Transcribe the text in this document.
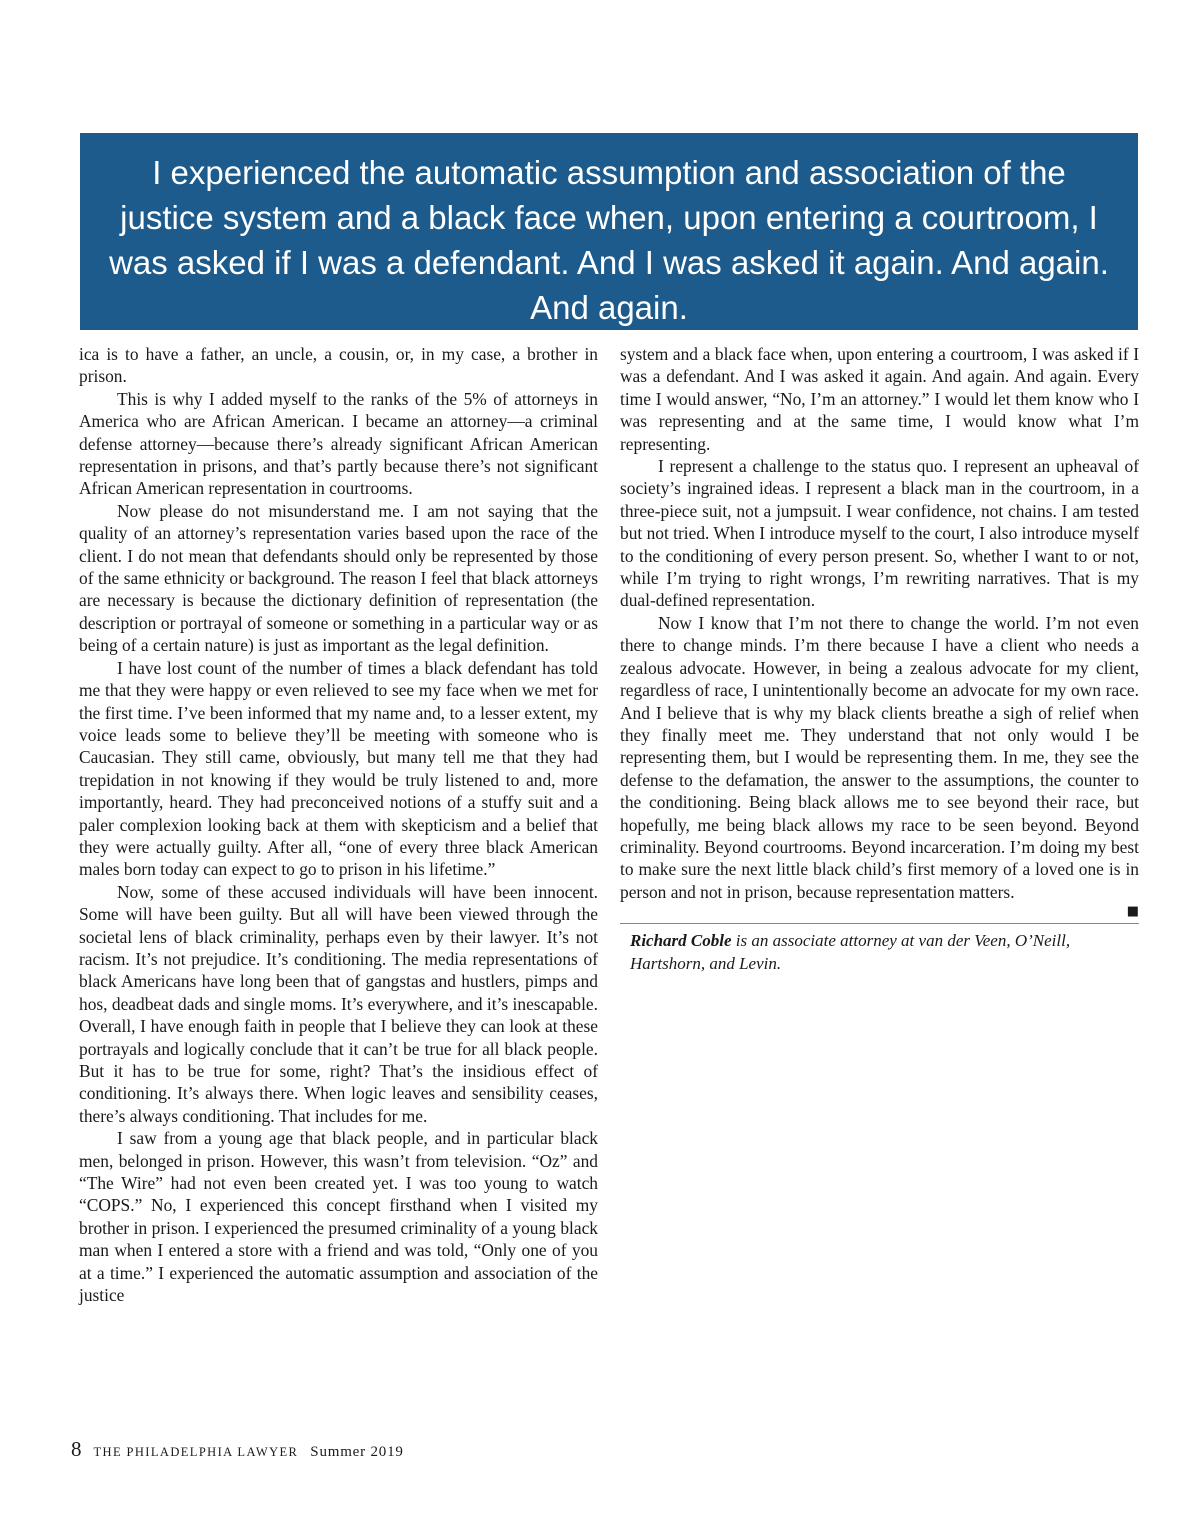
I experienced the automatic assumption and association of the justice system and a black face when, upon entering a courtroom, I was asked if I was a defendant. And I was asked it again. And again. And again.

ica is to have a father, an uncle, a cousin, or, in my case, a brother in prison.

This is why I added myself to the ranks of the 5% of attorneys in America who are African American. I became an attorney—a criminal defense attorney—because there’s already significant African American representation in prisons, and that’s partly because there’s not significant African American representation in courtrooms.

Now please do not misunderstand me. I am not saying that the quality of an attorney’s representation varies based upon the race of the client. I do not mean that defendants should only be represented by those of the same ethnicity or background. The reason I feel that black attorneys are necessary is because the dictionary definition of representation (the description or portrayal of someone or something in a particular way or as being of a certain nature) is just as important as the legal definition.

I have lost count of the number of times a black defendant has told me that they were happy or even relieved to see my face when we met for the first time. I’ve been informed that my name and, to a lesser extent, my voice leads some to believe they’ll be meeting with someone who is Caucasian. They still came, obviously, but many tell me that they had trepidation in not knowing if they would be truly listened to and, more importantly, heard. They had preconceived notions of a stuffy suit and a paler complexion looking back at them with skepticism and a belief that they were actually guilty. After all, “one of every three black American males born today can expect to go to prison in his lifetime.”

Now, some of these accused individuals will have been innocent. Some will have been guilty. But all will have been viewed through the societal lens of black criminality, perhaps even by their lawyer. It’s not racism. It’s not prejudice. It’s conditioning. The media representations of black Americans have long been that of gangstas and hustlers, pimps and hos, deadbeat dads and single moms. It’s everywhere, and it’s inescapable. Overall, I have enough faith in people that I believe they can look at these portrayals and logically conclude that it can’t be true for all black people. But it has to be true for some, right? That’s the insidious effect of conditioning. It’s always there. When logic leaves and sensibility ceases, there’s always conditioning. That includes for me.

I saw from a young age that black people, and in particular black men, belonged in prison. However, this wasn’t from television. “Oz” and “The Wire” had not even been created yet. I was too young to watch “COPS.” No, I experienced this concept firsthand when I visited my brother in prison. I experienced the presumed criminality of a young black man when I entered a store with a friend and was told, “Only one of you at a time.” I experienced the automatic assumption and association of the justice

system and a black face when, upon entering a courtroom, I was asked if I was a defendant. And I was asked it again. And again. And again. Every time I would answer, “No, I’m an attorney.” I would let them know who I was representing and at the same time, I would know what I’m representing.

I represent a challenge to the status quo. I represent an upheaval of society’s ingrained ideas. I represent a black man in the courtroom, in a three-piece suit, not a jumpsuit. I wear confidence, not chains. I am tested but not tried. When I introduce myself to the court, I also introduce myself to the conditioning of every person present. So, whether I want to or not, while I’m trying to right wrongs, I’m rewriting narratives. That is my dual-defined representation.

Now I know that I’m not there to change the world. I’m not even there to change minds. I’m there because I have a client who needs a zealous advocate. However, in being a zealous advocate for my client, regardless of race, I unintentionally become an advocate for my own race. And I believe that is why my black clients breathe a sigh of relief when they finally meet me. They understand that not only would I be representing them, but I would be representing them. In me, they see the defense to the defamation, the answer to the assumptions, the counter to the conditioning. Being black allows me to see beyond their race, but hopefully, me being black allows my race to be seen beyond. Beyond criminality. Beyond courtrooms. Beyond incarceration. I’m doing my best to make sure the next little black child’s first memory of a loved one is in person and not in prison, because representation matters.

■
Richard Coble is an associate attorney at van der Veen, O’Neill, Hartshorn, and Levin.
8 THE PHILADELPHIA LAWYER Summer 2019
